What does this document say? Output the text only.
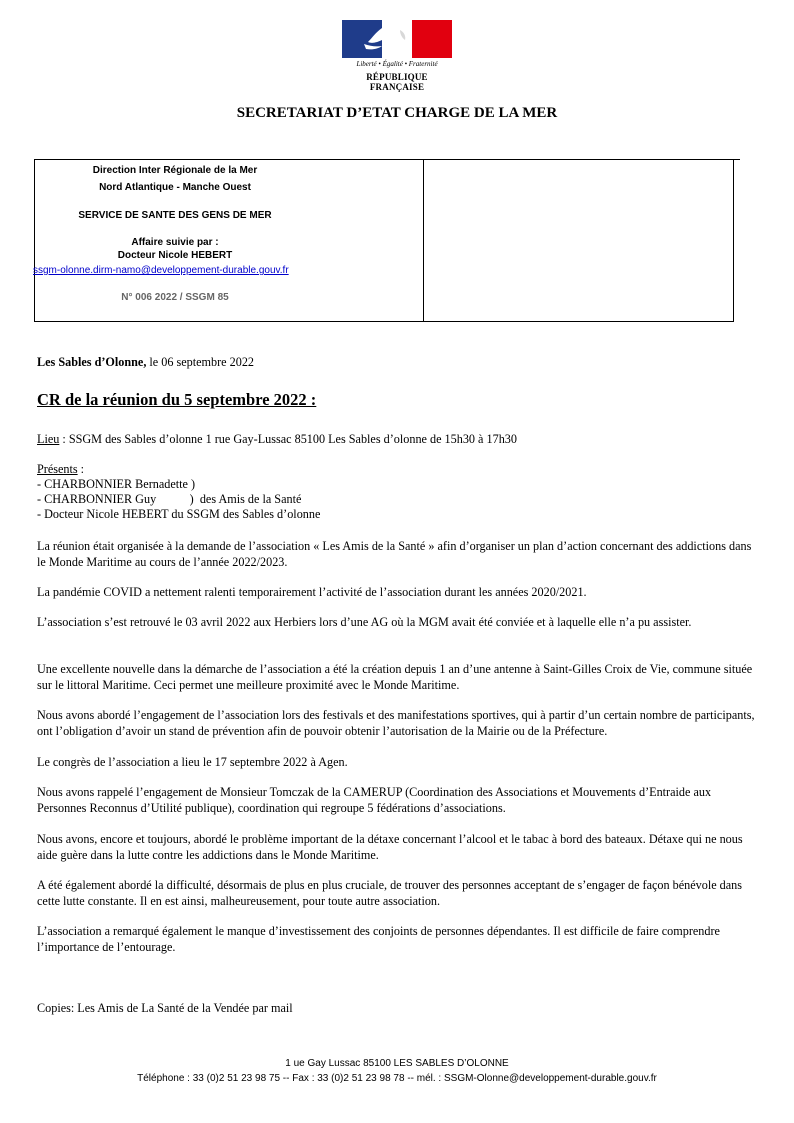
Liberté • Égalité • Fraternité
RÉPUBLIQUE FRANÇAISE
SECRETARIAT D’ETAT CHARGE DE LA MER
Direction Inter Régionale de la Mer
Nord Atlantique - Manche Ouest
SERVICE DE SANTE DES GENS DE MER
Affaire suivie par :
Docteur Nicole HEBERT
ssgm-olonne.dirm-namo@developpement-durable.gouv.fr
N° 006 2022 / SSGM 85
Les Sables d’Olonne, le 06 septembre 2022
CR de la réunion du 5 septembre 2022 :
Lieu : SSGM des Sables d’olonne 1 rue Gay-Lussac 85100 Les Sables d’olonne de 15h30 à 17h30
Présents :
- CHARBONNIER Bernadette )
- CHARBONNIER Guy           )  des Amis de la Santé
- Docteur Nicole HEBERT du SSGM des Sables d’olonne
La réunion était organisée à la demande de l’association « Les Amis de la Santé » afin d’organiser un plan d’action concernant des addictions dans le Monde Maritime au cours de l’année 2022/2023.
La pandémie COVID a nettement ralenti temporairement l’activité de l’association durant les années 2020/2021.
L’association s’est retrouvé le 03 avril 2022 aux Herbiers lors d’une AG où la MGM avait été conviée et à laquelle elle n’a pu assister.
Une excellente nouvelle dans la démarche de l’association a été la création depuis 1 an d’une antenne à Saint-Gilles Croix de Vie, commune située sur le littoral Maritime. Ceci permet une meilleure proximité avec le Monde Maritime.
Nous avons abordé l’engagement de l’association lors des festivals et des manifestations sportives, qui à partir d’un certain nombre de participants, ont l’obligation d’avoir un stand de prévention afin de pouvoir obtenir l’autorisation de la Mairie ou de la Préfecture.
Le congrès de l’association a lieu le 17 septembre 2022 à Agen.
Nous avons rappelé l’engagement de Monsieur Tomczak de la CAMERUP (Coordination des Associations et Mouvements d’Entraide aux Personnes Reconnus d’Utilité publique), coordination qui regroupe 5 fédérations d’associations.
Nous avons, encore et toujours, abordé le problème important de la détaxe concernant l’alcool et le tabac à bord des bateaux. Détaxe qui ne nous aide guère dans la lutte contre les addictions dans le Monde Maritime.
A été également abordé la difficulté, désormais de plus en plus cruciale, de trouver des personnes acceptant de s’engager de façon bénévole dans cette lutte constante. Il en est ainsi, malheureusement, pour toute autre association.
L’association a remarqué également le manque d’investissement des conjoints de personnes dépendantes. Il est difficile de faire comprendre l’importance de l’entourage.
Copies: Les Amis de La Santé de la Vendée par mail
1 ue Gay Lussac 85100 LES SABLES D’OLONNE
Téléphone : 33 (0)2 51 23 98 75 -- Fax : 33 (0)2 51 23 98 78 -- mél. : SSGM-Olonne@developpement-durable.gouv.fr
